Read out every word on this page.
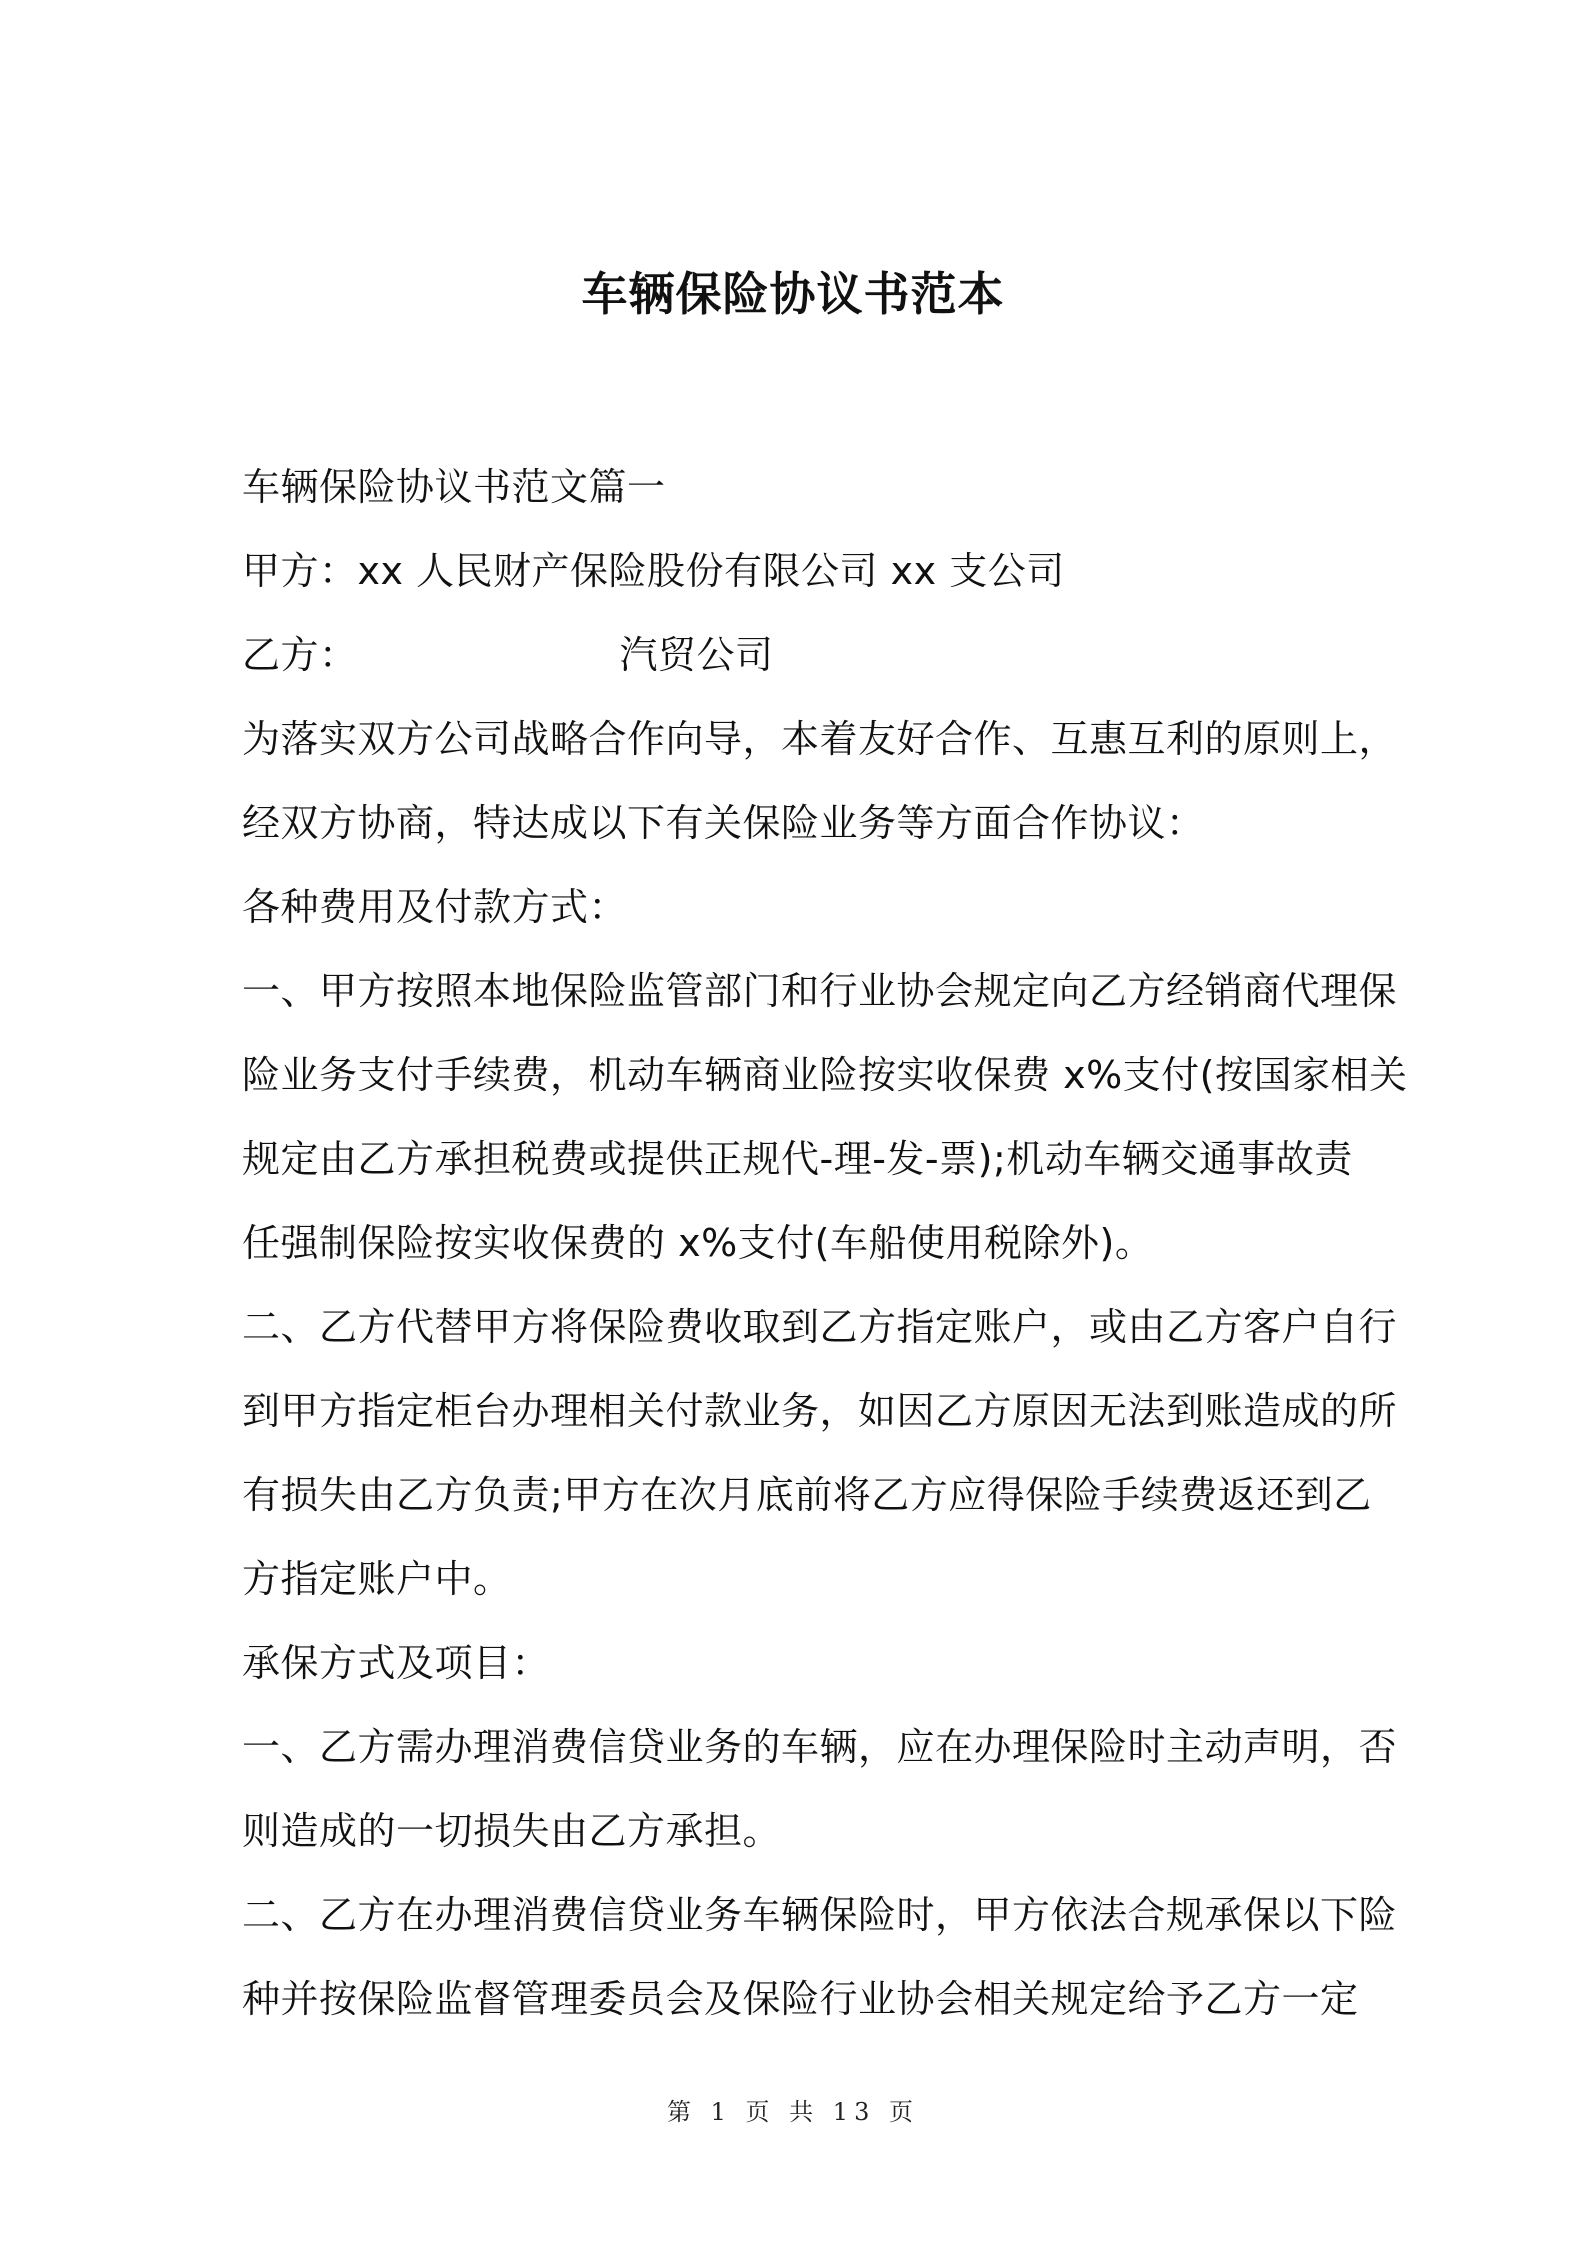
车辆保险协议书范本
车辆保险协议书范文篇一
甲方：xx 人民财产保险股份有限公司 xx 支公司
乙方：	汽贸公司
为落实双方公司战略合作向导，本着友好合作、互惠互利的原则上，
经双方协商，特达成以下有关保险业务等方面合作协议：
各种费用及付款方式：
一、甲方按照本地保险监管部门和行业协会规定向乙方经销商代理保
险业务支付手续费，机动车辆商业险按实收保费 x%支付(按国家相关
规定由乙方承担税费或提供正规代-理-发-票);机动车辆交通事故责
任强制保险按实收保费的 x%支付(车船使用税除外)。
二、乙方代替甲方将保险费收取到乙方指定账户，或由乙方客户自行
到甲方指定柜台办理相关付款业务，如因乙方原因无法到账造成的所
有损失由乙方负责;甲方在次月底前将乙方应得保险手续费返还到乙
方指定账户中。
承保方式及项目：
一、乙方需办理消费信贷业务的车辆，应在办理保险时主动声明，否
则造成的一切损失由乙方承担。
二、乙方在办理消费信贷业务车辆保险时，甲方依法合规承保以下险
种并按保险监督管理委员会及保险行业协会相关规定给予乙方一定
第 1 页 共 13 页
